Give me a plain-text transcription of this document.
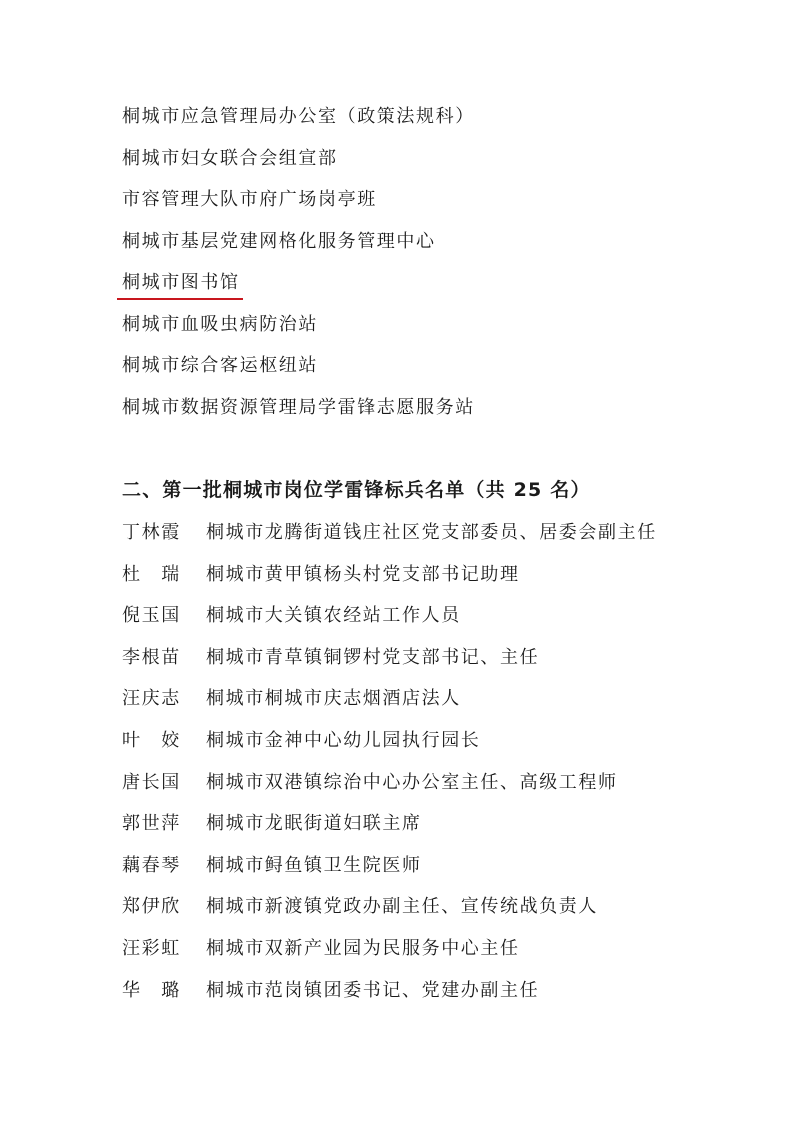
桐城市应急管理局办公室（政策法规科）
桐城市妇女联合会组宣部
市容管理大队市府广场岗亭班
桐城市基层党建网格化服务管理中心
桐城市图书馆
桐城市血吸虫病防治站
桐城市综合客运枢纽站
桐城市数据资源管理局学雷锋志愿服务站
二、第一批桐城市岗位学雷锋标兵名单（共 25 名）
丁林霞	桐城市龙腾街道钱庄社区党支部委员、居委会副主任
杜　瑞	桐城市黄甲镇杨头村党支部书记助理
倪玉国	桐城市大关镇农经站工作人员
李根苗	桐城市青草镇铜锣村党支部书记、主任
汪庆志	桐城市桐城市庆志烟酒店法人
叶　姣	桐城市金神中心幼儿园执行园长
唐长国	桐城市双港镇综治中心办公室主任、高级工程师
郭世萍	桐城市龙眠街道妇联主席
藕春琴	桐城市鲟鱼镇卫生院医师
郑伊欣	桐城市新渡镇党政办副主任、宣传统战负责人
汪彩虹	桐城市双新产业园为民服务中心主任
华　璐	桐城市范岗镇团委书记、党建办副主任
